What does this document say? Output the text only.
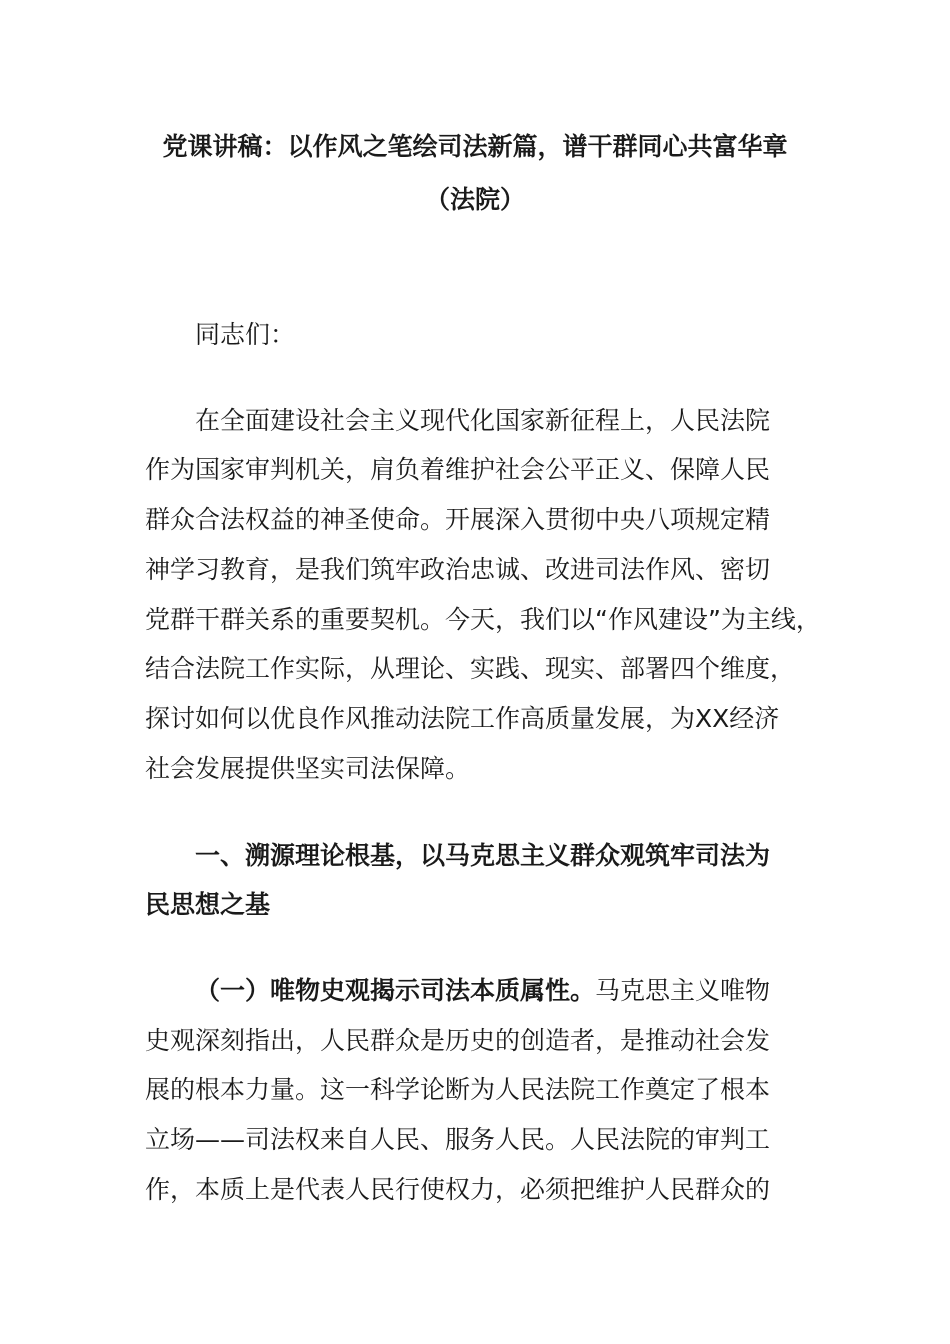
党课讲稿：以作风之笔绘司法新篇，谱干群同心共富华章
（法院）
同志们：
在全面建设社会主义现代化国家新征程上，人民法院
作为国家审判机关，肩负着维护社会公平正义、保障人民
群众合法权益的神圣使命。开展深入贯彻中央八项规定精
神学习教育，是我们筑牢政治忠诚、改进司法作风、密切
党群干群关系的重要契机。今天，我们以“作风建设”为主线，
结合法院工作实际，从理论、实践、现实、部署四个维度，
探讨如何以优良作风推动法院工作高质量发展，为XX经济
社会发展提供坚实司法保障。
一、溯源理论根基，以马克思主义群众观筑牢司法为
民思想之基
（一）唯物史观揭示司法本质属性。马克思主义唯物
史观深刻指出，人民群众是历史的创造者，是推动社会发
展的根本力量。这一科学论断为人民法院工作奠定了根本
立场——司法权来自人民、服务人民。人民法院的审判工
作，本质上是代表人民行使权力，必须把维护人民群众的
